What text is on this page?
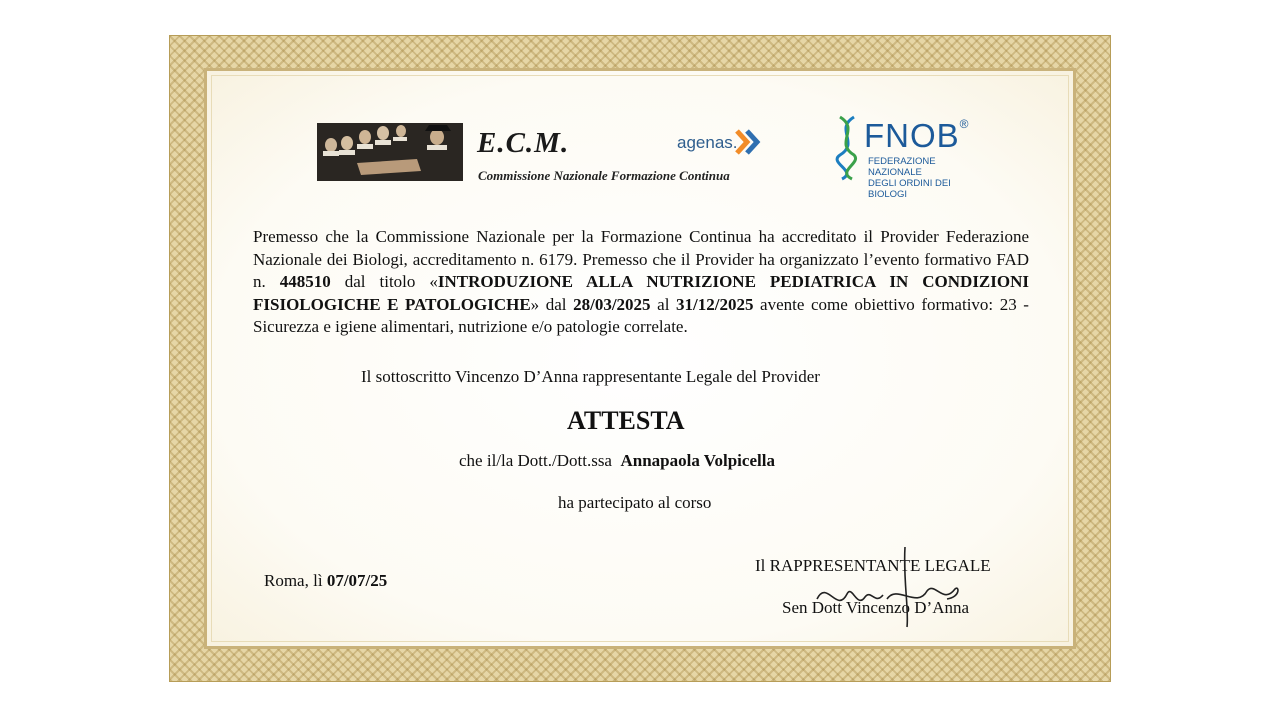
E.C.M.
Commissione Nazionale Formazione Continua
agenas.	FNOB®
FEDERAZIONE NAZIONALE
DEGLI ORDINI DEI BIOLOGI
Premesso che la Commissione Nazionale per la Formazione Continua ha accreditato il Provider Federazione Nazionale dei Biologi, accreditamento n. 6179. Premesso che il Provider ha organizzato l’evento formativo FAD n. 448510 dal titolo «INTRODUZIONE ALLA NUTRIZIONE PEDIATRICA IN CONDIZIONI FISIOLOGICHE E PATOLOGICHE» dal 28/03/2025 al 31/12/2025 avente come obiettivo formativo: 23 - Sicurezza e igiene alimentari, nutrizione e/o patologie correlate.
Il sottoscritto Vincenzo D’Anna rappresentante Legale del Provider
ATTESTA
che il/la Dott./Dott.ssa Annapaola Volpicella
ha partecipato al corso
Roma, lì 07/07/25
Il RAPPRESENTANTE LEGALE
Sen Dott Vincenzo D’Anna
